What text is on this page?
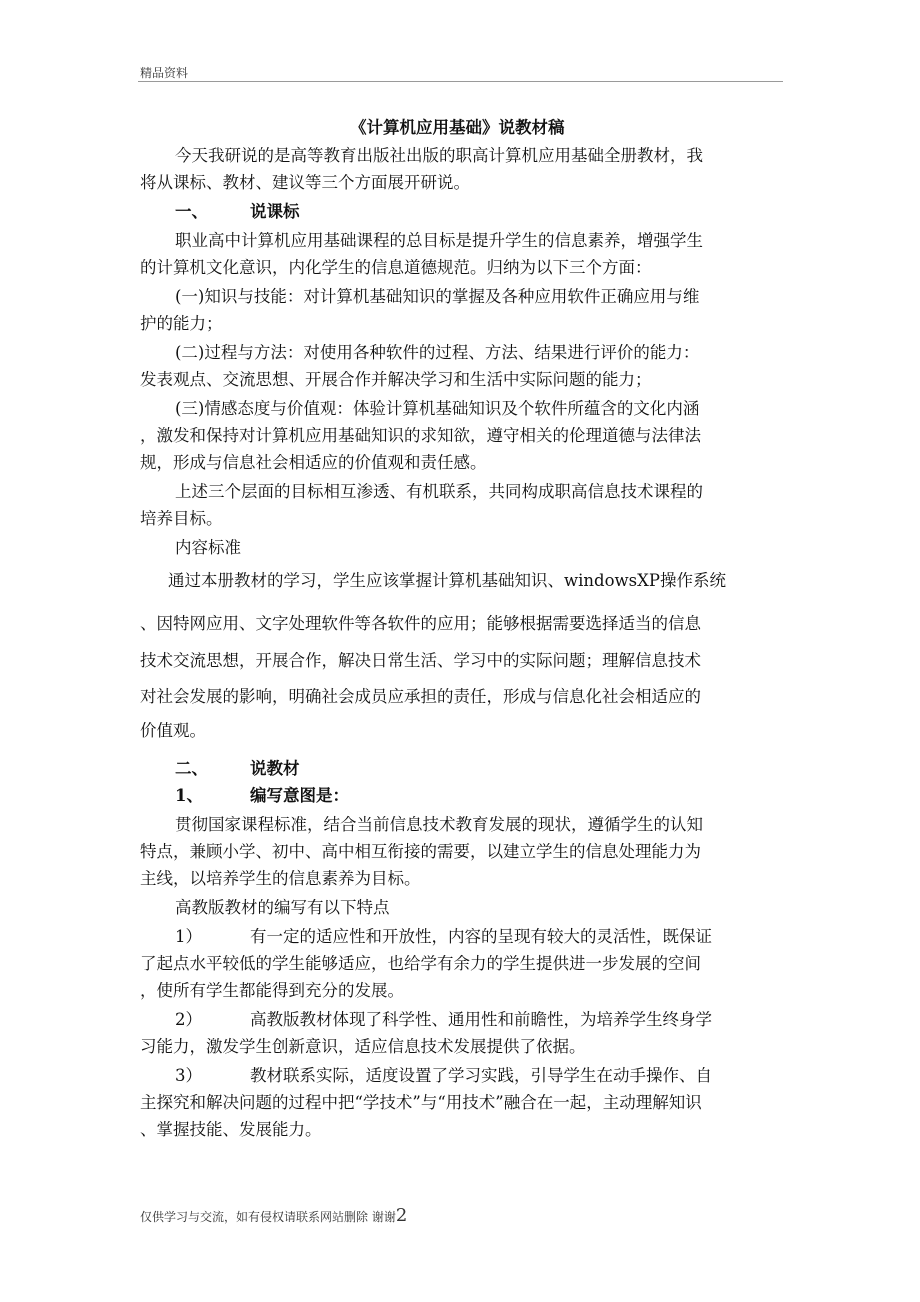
精品资料
《计算机应用基础》说教材稿
今天我研说的是高等教育出版社出版的职高计算机应用基础全册教材，我
将从课标、教材、建议等三个方面展开研说。
一、	说课标
职业高中计算机应用基础课程的总目标是提升学生的信息素养，增强学生
的计算机文化意识，内化学生的信息道德规范。归纳为以下三个方面：
(一)知识与技能：对计算机基础知识的掌握及各种应用软件正确应用与维
护的能力；
(二)过程与方法：对使用各种软件的过程、方法、结果进行评价的能力：
发表观点、交流思想、开展合作并解决学习和生活中实际问题的能力；
(三)情感态度与价值观：体验计算机基础知识及个软件所蕴含的文化内涵
，激发和保持对计算机应用基础知识的求知欲，遵守相关的伦理道德与法律法
规，形成与信息社会相适应的价值观和责任感。
上述三个层面的目标相互渗透、有机联系，共同构成职高信息技术课程的
培养目标。
内容标准
通过本册教材的学习，学生应该掌握计算机基础知识、windowsXP操作系统
、因特网应用、文字处理软件等各软件的应用；能够根据需要选择适当的信息
技术交流思想，开展合作，解决日常生活、学习中的实际问题；理解信息技术
对社会发展的影响，明确社会成员应承担的责任，形成与信息化社会相适应的
价值观。
二、	说教材
1、	编写意图是：
贯彻国家课程标准，结合当前信息技术教育发展的现状，遵循学生的认知
特点，兼顾小学、初中、高中相互衔接的需要，以建立学生的信息处理能力为
主线，以培养学生的信息素养为目标。
高教版教材的编写有以下特点
1）	有一定的适应性和开放性，内容的呈现有较大的灵活性，既保证
了起点水平较低的学生能够适应，也给学有余力的学生提供进一步发展的空间
，使所有学生都能得到充分的发展。
2）	高教版教材体现了科学性、通用性和前瞻性，为培养学生终身学
习能力，激发学生创新意识，适应信息技术发展提供了依据。
3）	教材联系实际，适度设置了学习实践，引导学生在动手操作、自
主探究和解决问题的过程中把“学技术”与“用技术”融合在一起，主动理解知识
、掌握技能、发展能力。
仅供学习与交流，如有侵权请联系网站删除 谢谢2
